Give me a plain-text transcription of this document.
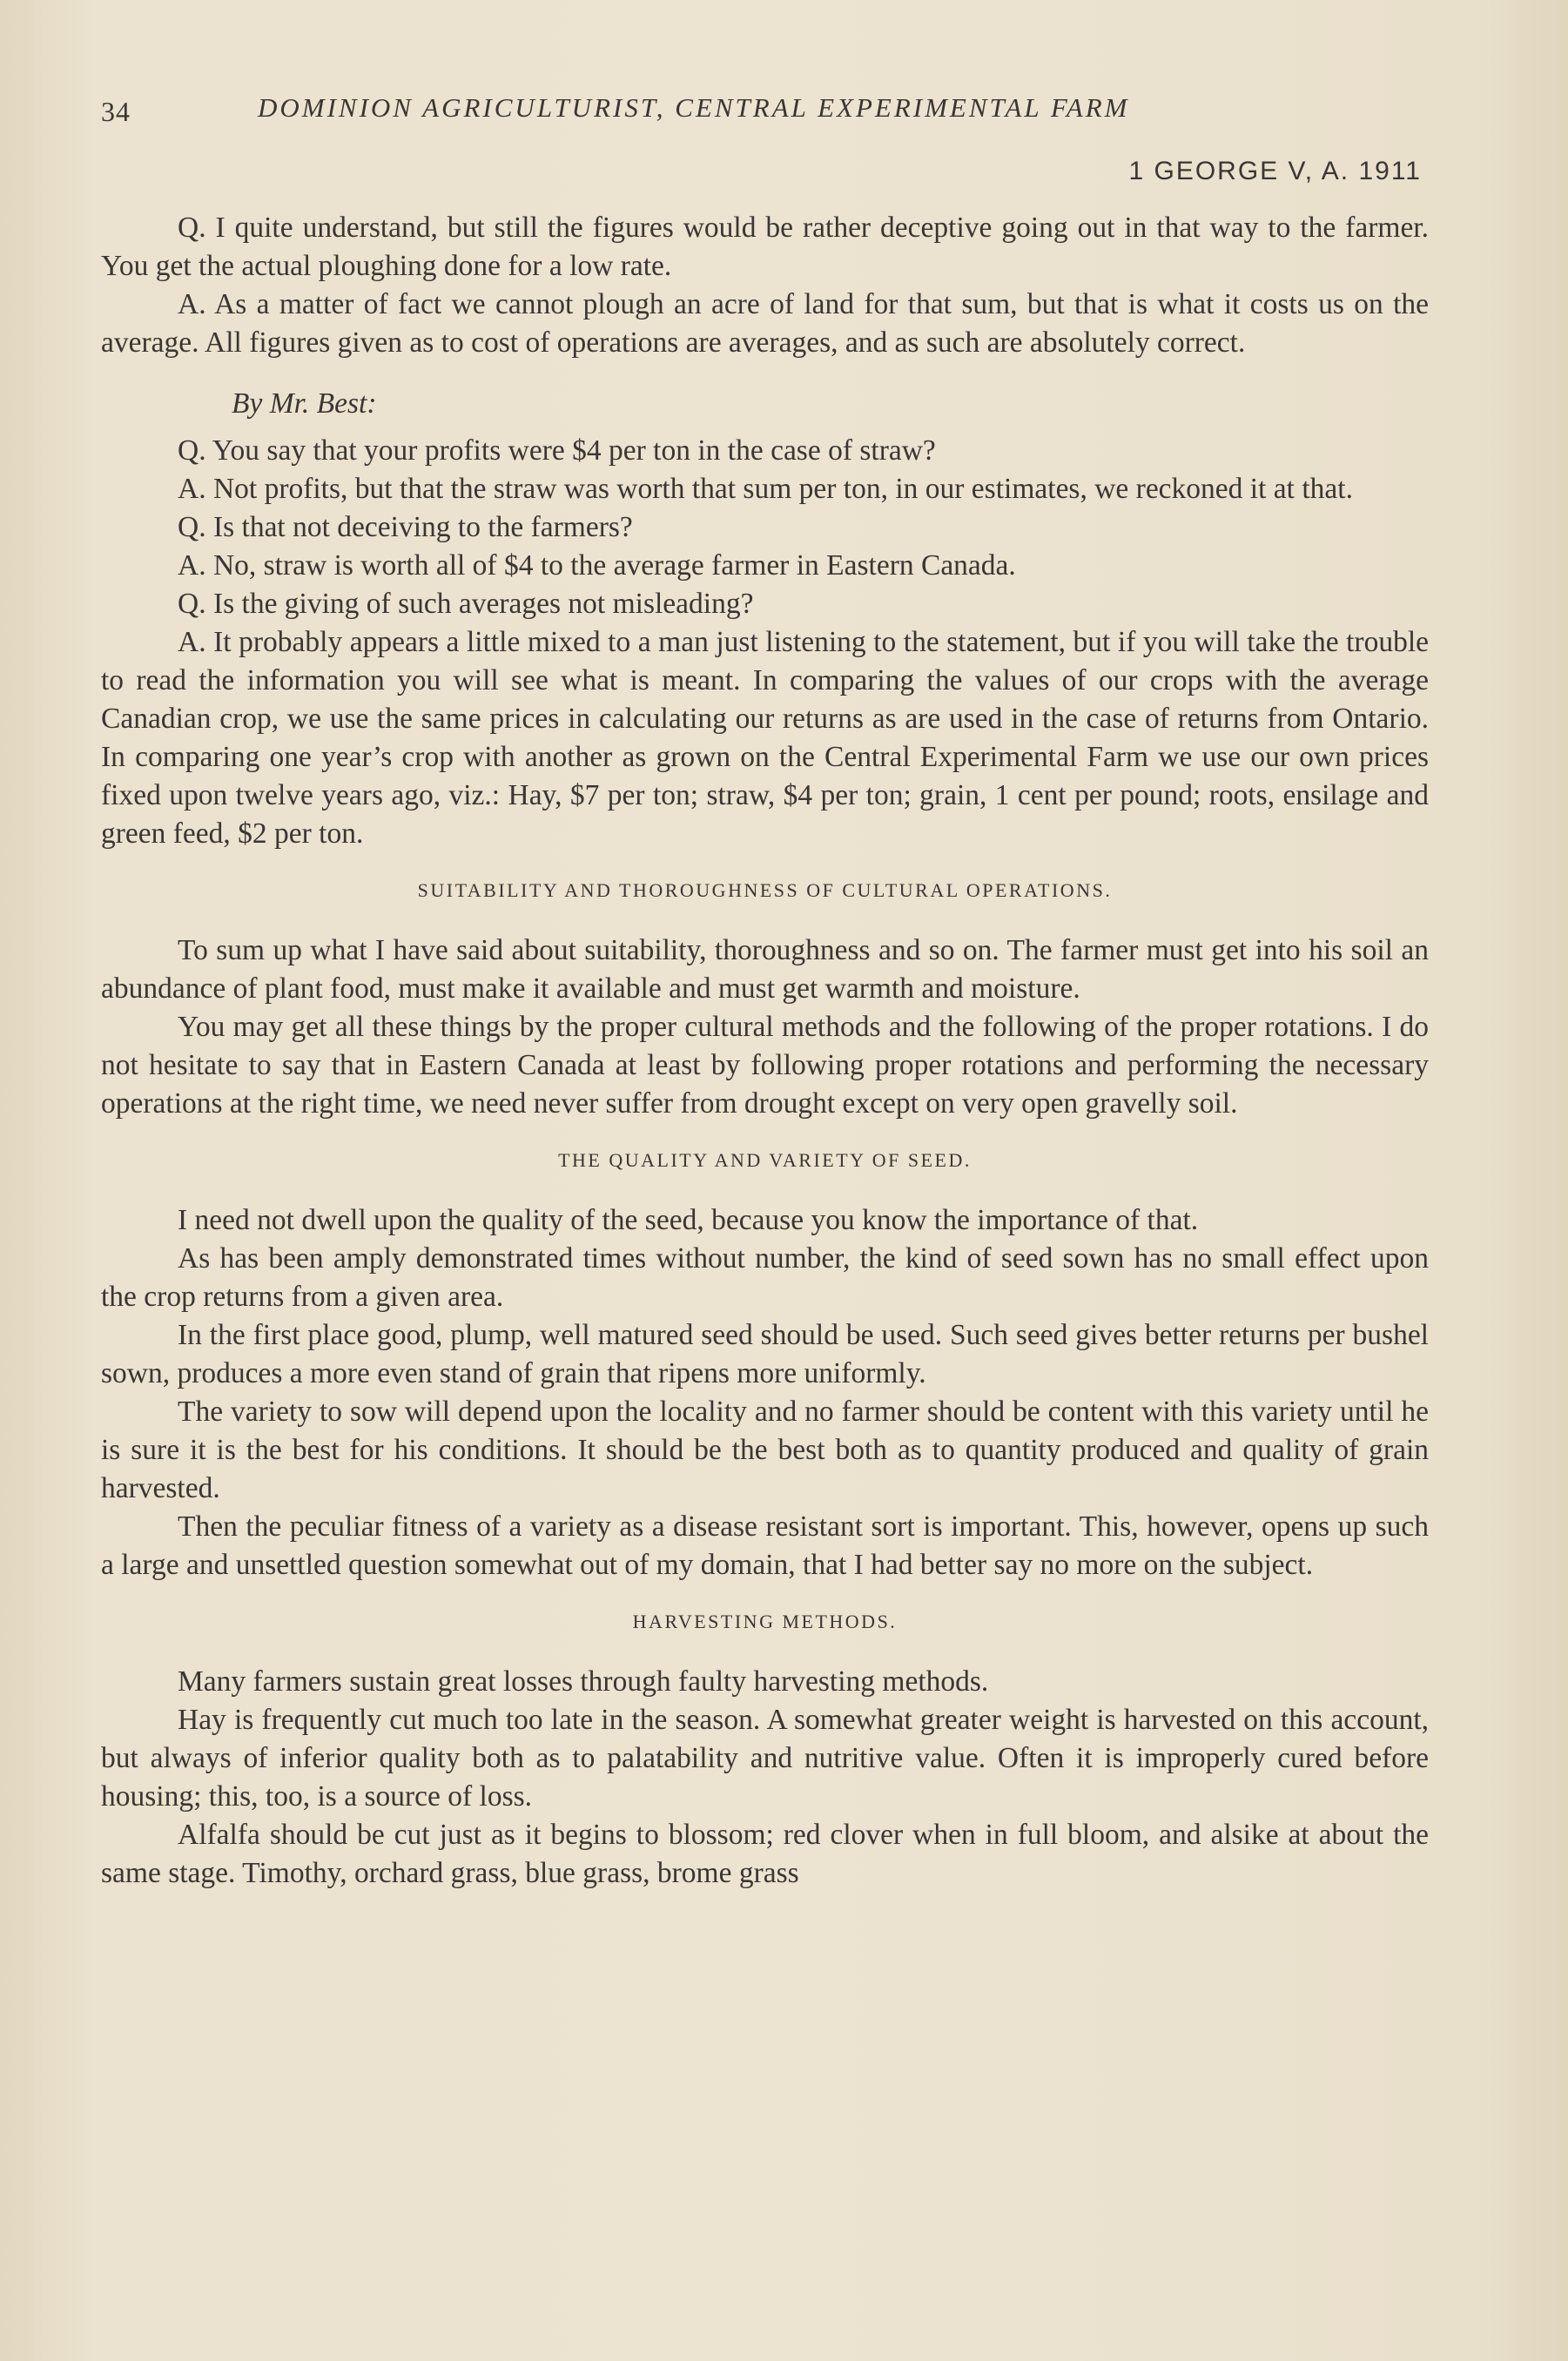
34	DOMINION AGRICULTURIST, CENTRAL EXPERIMENTAL FARM
1 GEORGE V, A. 1911

Q. I quite understand, but still the figures would be rather deceptive going out in that way to the farmer. You get the actual ploughing done for a low rate.

A. As a matter of fact we cannot plough an acre of land for that sum, but that is what it costs us on the average. All figures given as to cost of operations are averages, and as such are absolutely correct.

By Mr. Best:

Q. You say that your profits were $4 per ton in the case of straw?

A. Not profits, but that the straw was worth that sum per ton, in our estimates, we reckoned it at that.

Q. Is that not deceiving to the farmers?

A. No, straw is worth all of $4 to the average farmer in Eastern Canada.

Q. Is the giving of such averages not misleading?

A. It probably appears a little mixed to a man just listening to the statement, but if you will take the trouble to read the information you will see what is meant. In comparing the values of our crops with the average Canadian crop, we use the same prices in calculating our returns as are used in the case of returns from Ontario. In comparing one year’s crop with another as grown on the Central Experimental Farm we use our own prices fixed upon twelve years ago, viz.: Hay, $7 per ton; straw, $4 per ton; grain, 1 cent per pound; roots, ensilage and green feed, $2 per ton.

SUITABILITY AND THOROUGHNESS OF CULTURAL OPERATIONS.

To sum up what I have said about suitability, thoroughness and so on. The farmer must get into his soil an abundance of plant food, must make it available and must get warmth and moisture.

You may get all these things by the proper cultural methods and the following of the proper rotations. I do not hesitate to say that in Eastern Canada at least by following proper rotations and performing the necessary operations at the right time, we need never suffer from drought except on very open gravelly soil.

THE QUALITY AND VARIETY OF SEED.

I need not dwell upon the quality of the seed, because you know the importance of that.

As has been amply demonstrated times without number, the kind of seed sown has no small effect upon the crop returns from a given area.

In the first place good, plump, well matured seed should be used. Such seed gives better returns per bushel sown, produces a more even stand of grain that ripens more uniformly.

The variety to sow will depend upon the locality and no farmer should be content with this variety until he is sure it is the best for his conditions. It should be the best both as to quantity produced and quality of grain harvested.

Then the peculiar fitness of a variety as a disease resistant sort is important. This, however, opens up such a large and unsettled question somewhat out of my domain, that I had better say no more on the subject.

HARVESTING METHODS.

Many farmers sustain great losses through faulty harvesting methods.

Hay is frequently cut much too late in the season. A somewhat greater weight is harvested on this account, but always of inferior quality both as to palatability and nutritive value. Often it is improperly cured before housing; this, too, is a source of loss.

Alfalfa should be cut just as it begins to blossom; red clover when in full bloom, and alsike at about the same stage. Timothy, orchard grass, blue grass, brome grass
